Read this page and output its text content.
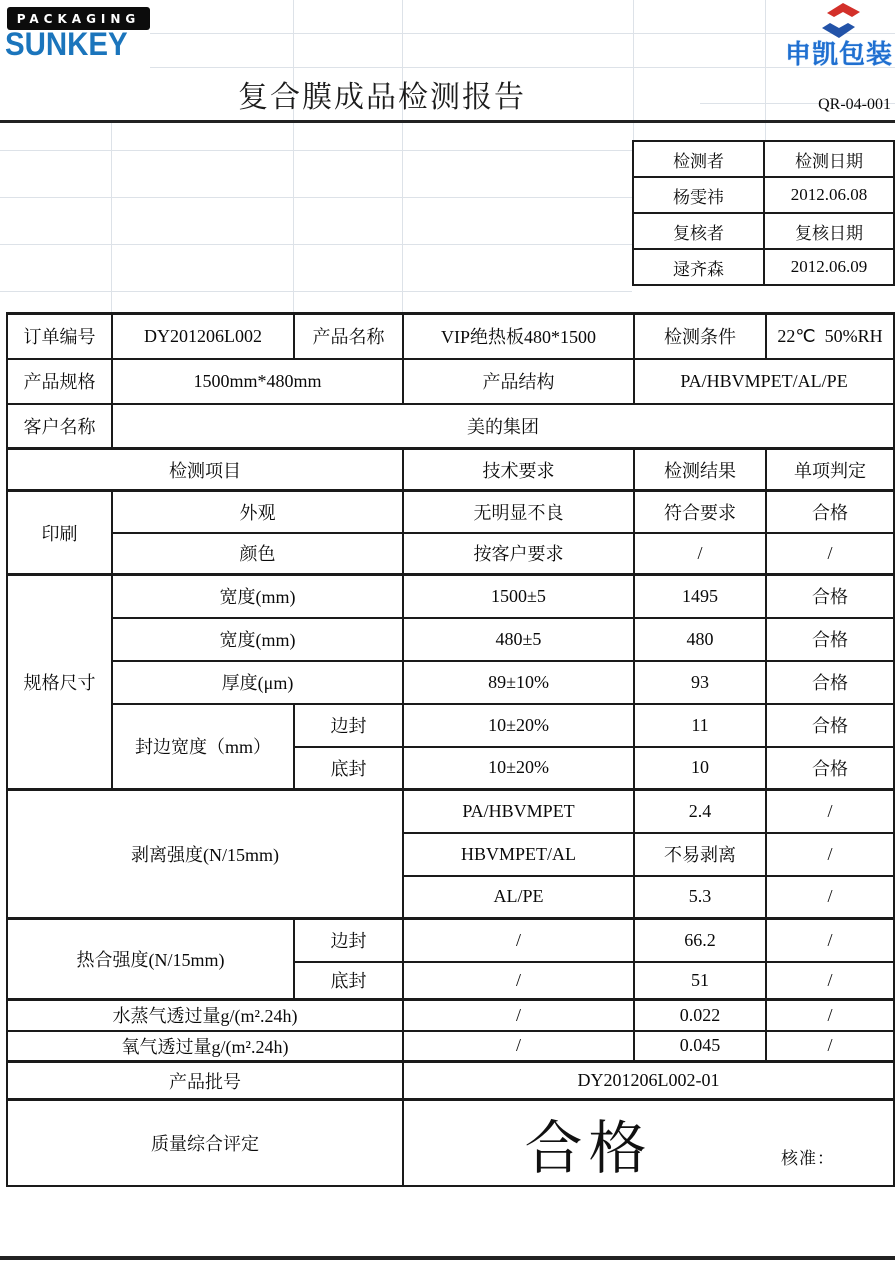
PACKAGING
SUNKEY	申凯包装
复合膜成品检测报告	QR-04-001
检测者	检测日期
杨雯祎	2012.06.08
复核者	复核日期
逯齐森	2012.06.09
订单编号	DY201206L002	产品名称	VIP绝热板480*1500	检测条件	22℃  50%RH
产品规格	1500mm*480mm		产品结构	PA/HBVMPET/AL/PE	
客户名称	美的集团				
检测项目			技术要求	检测结果	单项判定
印刷	外观		无明显不良	符合要求	合格
	颜色		按客户要求	/	/
规格尺寸	宽度(mm)		1500±5	1495	合格
	宽度(mm)		480±5	480	合格
	厚度(μm)		89±10%	93	合格
	封边宽度（mm）	边封	10±20%	11	合格
		底封	10±20%	10	合格
剥离强度(N/15mm)			PA/HBVMPET	2.4	/
			HBVMPET/AL	不易剥离	/
			AL/PE	5.3	/
热合强度(N/15mm)		边封	/	66.2	/
		底封	/	51	/
水蒸气透过量g/(m².24h)			/	0.022	/
氧气透过量g/(m².24h)			/	0.045	/
产品批号			DY201206L002-01		
质量综合评定			合格 核准：		
